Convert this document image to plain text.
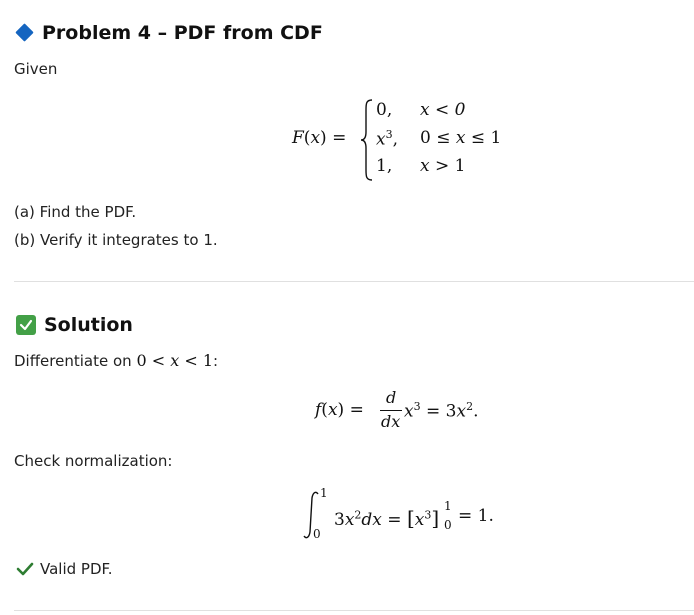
Problem 4 – PDF from CDF
Given
F(x) =
0, x < 0
$x^3$, 0 ≤ x ≤ 1
1, x > 1
(a) Find the PDF.
(b) Verify it integrates to 1.
Solution
Differentiate on 0 < x < 1:
f(x) =
d
dx $x^3 = 3x^2$.
Check normalization:
1
0
$3x^2dx = [x^3]$ 1
0 = 1.
Valid PDF.
